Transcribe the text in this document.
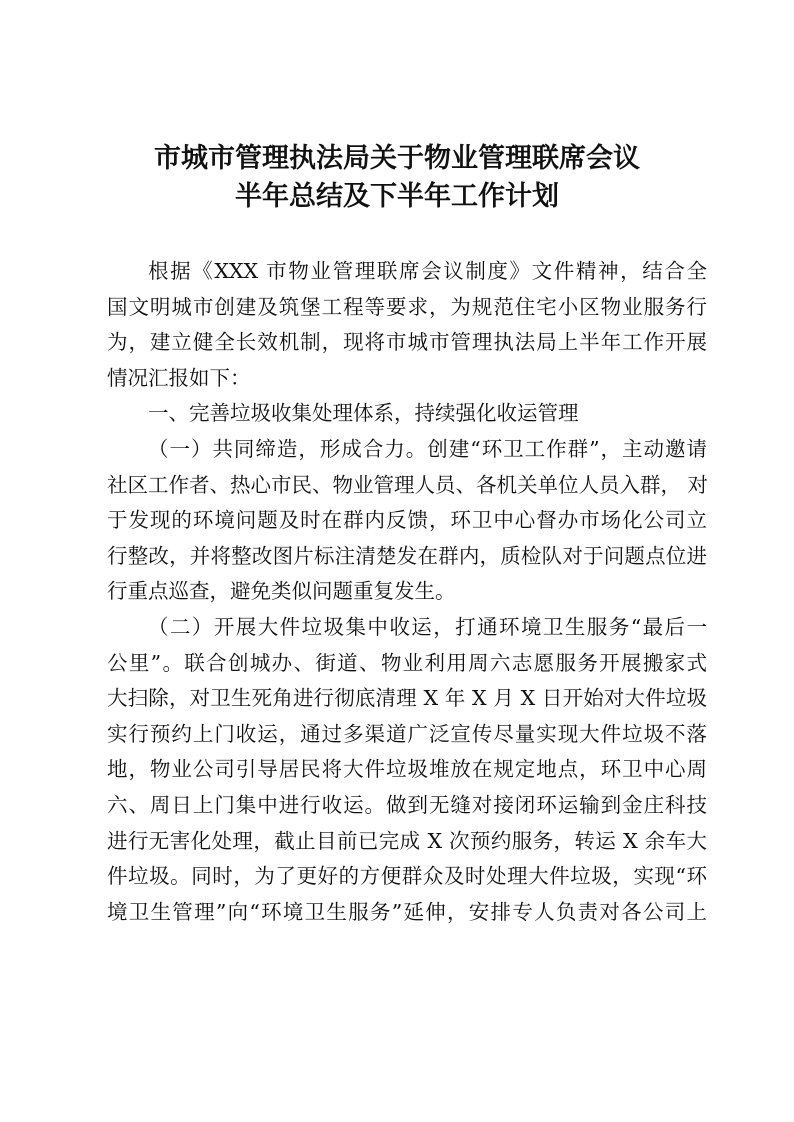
市城市管理执法局关于物业管理联席会议
半年总结及下半年工作计划
根据《XXX 市物业管理联席会议制度》文件精神，结合全
国文明城市创建及筑堡工程等要求，为规范住宅小区物业服务行
为，建立健全长效机制，现将市城市管理执法局上半年工作开展
情况汇报如下：
一、完善垃圾收集处理体系，持续强化收运管理
（一）共同缔造，形成合力。创建“环卫工作群”，主动邀请
社区工作者、热心市民、物业管理人员、各机关单位人员入群， 对
于发现的环境问题及时在群内反馈，环卫中心督办市场化公司立
行整改，并将整改图片标注清楚发在群内，质检队对于问题点位进
行重点巡查，避免类似问题重复发生。
（二）开展大件垃圾集中收运，打通环境卫生服务“最后一
公里”。联合创城办、街道、物业利用周六志愿服务开展搬家式
大扫除，对卫生死角进行彻底清理 X 年 X 月 X 日开始对大件垃圾
实行预约上门收运，通过多渠道广泛宣传尽量实现大件垃圾不落
地，物业公司引导居民将大件垃圾堆放在规定地点，环卫中心周
六、周日上门集中进行收运。做到无缝对接闭环运输到金庄科技
进行无害化处理，截止目前已完成 X 次预约服务，转运 X 余车大
件垃圾。同时，为了更好的方便群众及时处理大件垃圾，实现“环
境卫生管理”向“环境卫生服务”延伸，安排专人负责对各公司上
